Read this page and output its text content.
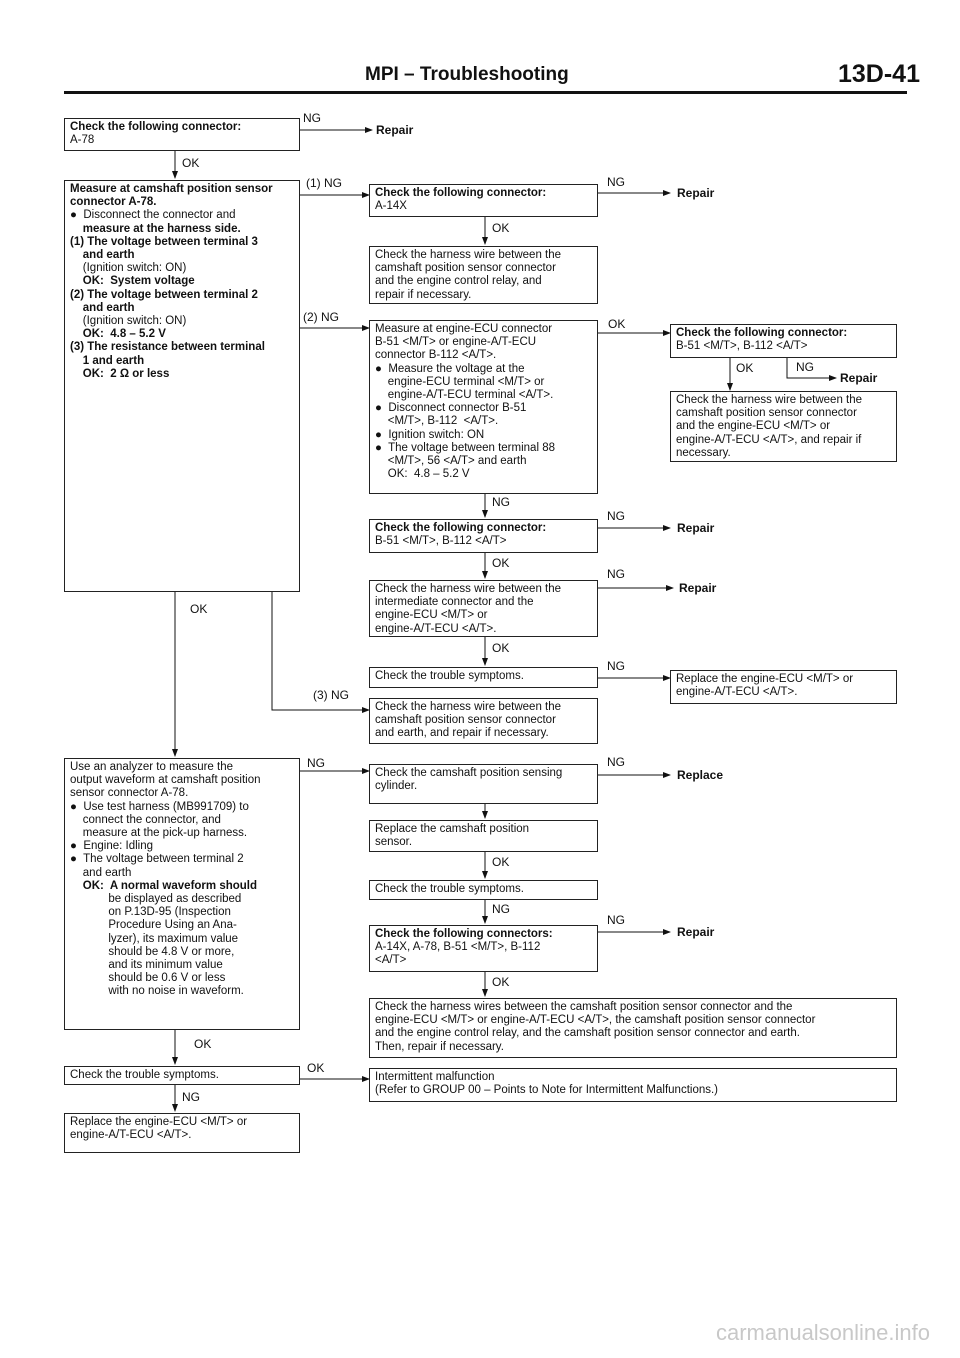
MPI – Troubleshooting	13D-41
Check the following connector:
A-78
Measure at camshaft position sensor
connector A-78.
●  Disconnect the connector and
measure at the harness side.
(1) The voltage between terminal 3
and earth
(Ignition switch: ON)
OK:  System voltage
(2) The voltage between terminal 2
and earth
(Ignition switch: ON)
OK:  4.8 – 5.2 V
(3) The resistance between terminal
1 and earth
OK:  2 Ω or less
Check the following connector:
A-14X
Check the harness wire between the
camshaft position sensor connector
and the engine control relay, and
repair if necessary.
Measure at engine-ECU connector
B-51 <M/T> or engine-A/T-ECU
connector B-112 <A/T>.
●  Measure the voltage at the
engine-ECU terminal <M/T> or
engine-A/T-ECU terminal <A/T>.
●  Disconnect connector B-51
<M/T>, B-112  <A/T>.
●  Ignition switch: ON
●  The voltage between terminal 88
<M/T>, 56 <A/T> and earth
OK:  4.8 – 5.2 V
Check the following connector:
B-51 <M/T>, B-112 <A/T>
Check the harness wire between the
camshaft position sensor connector
and the engine-ECU <M/T> or
engine-A/T-ECU <A/T>, and repair if
necessary.
Check the following connector:
B-51 <M/T>, B-112 <A/T>
Check the harness wire between the
intermediate connector and the
engine-ECU <M/T> or
engine-A/T-ECU <A/T>.
Check the trouble symptoms.	Replace the engine-ECU <M/T> or
engine-A/T-ECU <A/T>.
Check the harness wire between the
camshaft position sensor connector
and earth, and repair if necessary.
Use an analyzer to measure the
output waveform at camshaft position
sensor connector A-78.
●  Use test harness (MB991709) to
connect the connector, and
measure at the pick-up harness.
●  Engine: Idling
●  The voltage between terminal 2
and earth
OK:  A normal waveform should
be displayed as described
on P.13D-95 (Inspection
Procedure Using an Ana-
lyzer), its maximum value
should be 4.8 V or more,
and its minimum value
should be 0.6 V or less
with no noise in waveform.
Check the camshaft position sensing
cylinder.
Replace the camshaft position
sensor.
Check the trouble symptoms.
Check the following connectors:
A-14X, A-78, B-51 <M/T>, B-112
<A/T>
Check the harness wires between the camshaft position sensor connector and the
engine-ECU <M/T> or engine-A/T-ECU <A/T>, the camshaft position sensor connector
and the engine control relay, and the camshaft position sensor connector and earth.
Then, repair if necessary.
Check the trouble symptoms.	Intermittent malfunction
(Refer to GROUP 00 – Points to Note for Intermittent Malfunctions.)
Replace the engine-ECU <M/T> or
engine-A/T-ECU <A/T>.
NG
OK
(1) NG
(2) NG
OK
(3) NG
NG
OK
OK
OK	NG
NG
NG
OK
NG
OK
NG
NG	NG
OK
NG
NG
OK
OK
OK
NG
Repair
Repair
Repair
Repair
Repair
Replace
Repair
carmanualsonline.info
